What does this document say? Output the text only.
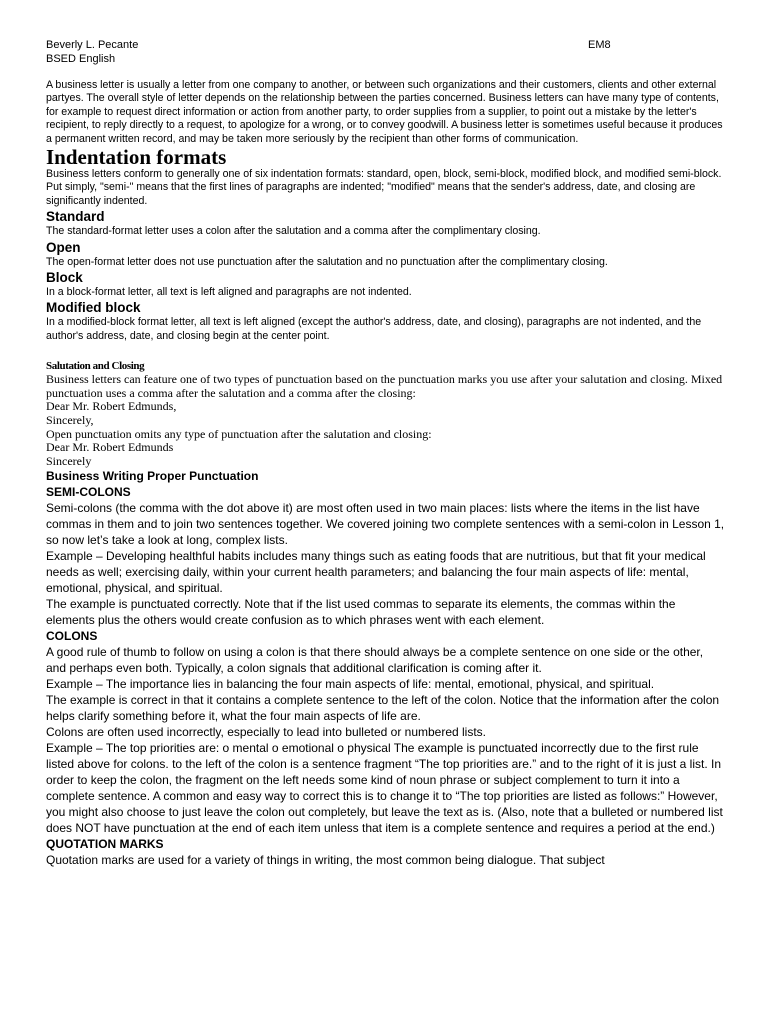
Beverly L. Pecante
BSED English
EM8

A business letter is usually a letter from one company to another, or between such organizations and their customers, clients and other external partyes. The overall style of letter depends on the relationship between the parties concerned. Business letters can have many type of contents, for example to request direct information or action from another party, to order supplies from a supplier, to point out a mistake by the letter's recipient, to reply directly to a request, to apologize for a wrong, or to convey goodwill. A business letter is sometimes useful because it produces a permanent written record, and may be taken more seriously by the recipient than other forms of communication.

Indentation formats

Business letters conform to generally one of six indentation formats: standard, open, block, semi-block, modified block, and modified semi-block. Put simply, "semi-" means that the first lines of paragraphs are indented; "modified" means that the sender's address, date, and closing are significantly indented.

Standard

The standard-format letter uses a colon after the salutation and a comma after the complimentary closing.

Open

The open-format letter does not use punctuation after the salutation and no punctuation after the complimentary closing.

Block

In a block-format letter, all text is left aligned and paragraphs are not indented.

Modified block

In a modified-block format letter, all text is left aligned (except the author's address, date, and closing), paragraphs are not indented, and the author's address, date, and closing begin at the center point.

Salutation and Closing

Business letters can feature one of two types of punctuation based on the punctuation marks you use after your salutation and closing. Mixed punctuation uses a comma after the salutation and a comma after the closing:

Dear Mr. Robert Edmunds,

Sincerely,

Open punctuation omits any type of punctuation after the salutation and closing:

Dear Mr. Robert Edmunds

Sincerely

Business Writing Proper Punctuation
SEMI-COLONS

Semi-colons (the comma with the dot above it) are most often used in two main places: lists where the items in the list have commas in them and to join two sentences together. We covered joining two complete sentences with a semi-colon in Lesson 1, so now let’s take a look at long, complex lists.

Example – Developing healthful habits includes many things such as eating foods that are nutritious, but that fit your medical needs as well; exercising daily, within your current health parameters; and balancing the four main aspects of life: mental, emotional, physical, and spiritual.

The example is punctuated correctly. Note that if the list used commas to separate its elements, the commas within the elements plus the others would create confusion as to which phrases went with each element.

COLONS

A good rule of thumb to follow on using a colon is that there should always be a complete sentence on one side or the other, and perhaps even both. Typically, a colon signals that additional clarification is coming after it.

Example – The importance lies in balancing the four main aspects of life: mental, emotional, physical, and spiritual.

The example is correct in that it contains a complete sentence to the left of the colon. Notice that the information after the colon helps clarify something before it, what the four main aspects of life are.

Colons are often used incorrectly, especially to lead into bulleted or numbered lists.

Example – The top priorities are: o mental o emotional o physical The example is punctuated incorrectly due to the first rule listed above for colons. to the left of the colon is a sentence fragment “The top priorities are.” and to the right of it is just a list. In order to keep the colon, the fragment on the left needs some kind of noun phrase or subject complement to turn it into a complete sentence. A common and easy way to correct this is to change it to “The top priorities are listed as follows:” However, you might also choose to just leave the colon out completely, but leave the text as is. (Also, note that a bulleted or numbered list does NOT have punctuation at the end of each item unless that item is a complete sentence and requires a period at the end.)

QUOTATION MARKS

Quotation marks are used for a variety of things in writing, the most common being dialogue. That subject
